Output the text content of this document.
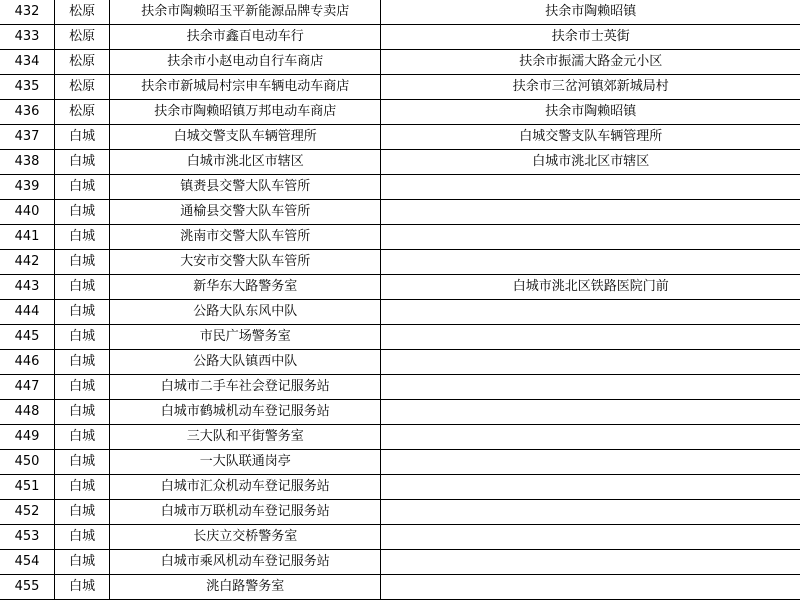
432	松原	扶余市陶赖昭玉平新能源品牌专卖店	扶余市陶赖昭镇
433	松原	扶余市鑫百电动车行	扶余市士英街
434	松原	扶余市小赵电动自行车商店	扶余市振濡大路金元小区
435	松原	扶余市新城局村宗申车辆电动车商店	扶余市三岔河镇郊新城局村
436	松原	扶余市陶赖昭镇万邦电动车商店	扶余市陶赖昭镇
437	白城	白城交警支队车辆管理所	白城交警支队车辆管理所
438	白城	白城市洮北区市辖区	白城市洮北区市辖区
439	白城	镇赉县交警大队车管所	
440	白城	通榆县交警大队车管所	
441	白城	洮南市交警大队车管所	
442	白城	大安市交警大队车管所	
443	白城	新华东大路警务室	白城市洮北区铁路医院门前
444	白城	公路大队东风中队	
445	白城	市民广场警务室	
446	白城	公路大队镇西中队	
447	白城	白城市二手车社会登记服务站	
448	白城	白城市鹤城机动车登记服务站	
449	白城	三大队和平街警务室	
450	白城	一大队联通岗亭	
451	白城	白城市汇众机动车登记服务站	
452	白城	白城市万联机动车登记服务站	
453	白城	长庆立交桥警务室	
454	白城	白城市乘风机动车登记服务站	
455	白城	洮白路警务室	
